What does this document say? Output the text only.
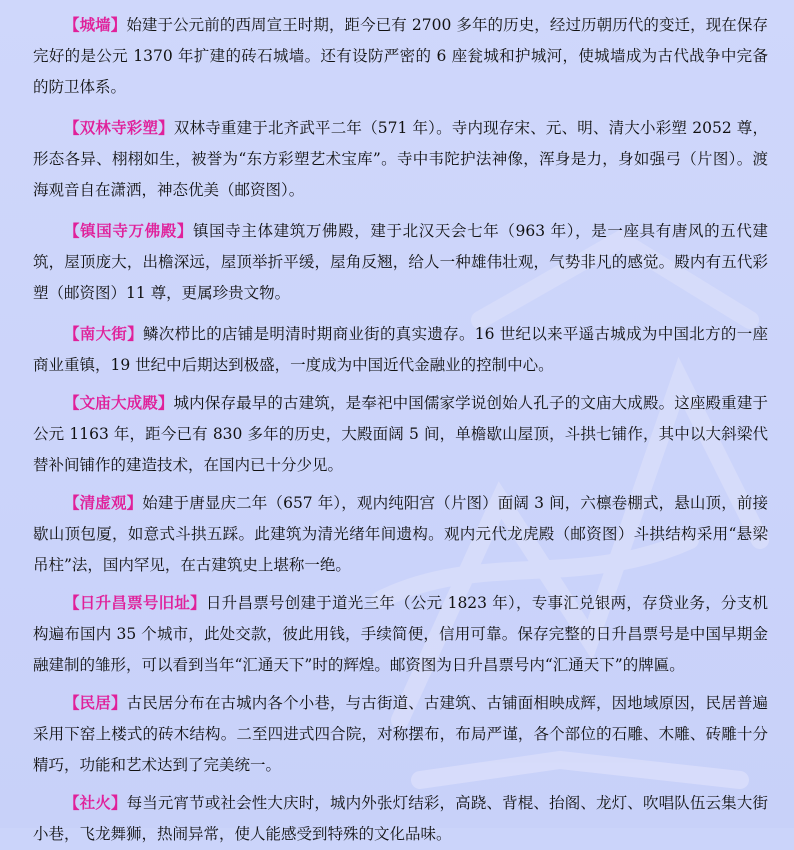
【城墙】始建于公元前的西周宣王时期，距今已有 2700 多年的历史，经过历朝历代的变迁，现在保存完好的是公元 1370 年扩建的砖石城墙。还有设防严密的 6 座瓮城和护城河，使城墙成为古代战争中完备的防卫体系。

【双林寺彩塑】双林寺重建于北齐武平二年（571 年）。寺内现存宋、元、明、清大小彩塑 2052 尊，形态各异、栩栩如生，被誉为“东方彩塑艺术宝库”。寺中韦陀护法神像，浑身是力，身如强弓（片图）。渡海观音自在潇洒，神态优美（邮资图）。

【镇国寺万佛殿】镇国寺主体建筑万佛殿，建于北汉天会七年（963 年），是一座具有唐风的五代建筑，屋顶庞大，出檐深远，屋顶举折平缓，屋角反翘，给人一种雄伟壮观，气势非凡的感觉。殿内有五代彩塑（邮资图）11 尊，更属珍贵文物。

【南大街】鳞次栉比的店铺是明清时期商业街的真实遗存。16 世纪以来平遥古城成为中国北方的一座商业重镇，19 世纪中后期达到极盛，一度成为中国近代金融业的控制中心。

【文庙大成殿】城内保存最早的古建筑，是奉祀中国儒家学说创始人孔子的文庙大成殿。这座殿重建于公元 1163 年，距今已有 830 多年的历史，大殿面阔 5 间，单檐歇山屋顶，斗拱七铺作，其中以大斜梁代替补间铺作的建造技术，在国内已十分少见。

【清虚观】始建于唐显庆二年（657 年），观内纯阳宫（片图）面阔 3 间，六檩卷棚式，悬山顶，前接歇山顶包厦，如意式斗拱五踩。此建筑为清光绪年间遗构。观内元代龙虎殿（邮资图）斗拱结构采用“悬梁吊柱”法，国内罕见，在古建筑史上堪称一绝。

【日升昌票号旧址】日升昌票号创建于道光三年（公元 1823 年），专事汇兑银两，存贷业务，分支机构遍布国内 35 个城市，此处交款，彼此用钱，手续简便，信用可靠。保存完整的日升昌票号是中国早期金融建制的雏形，可以看到当年“汇通天下”时的辉煌。邮资图为日升昌票号内“汇通天下”的牌匾。

【民居】古民居分布在古城内各个小巷，与古街道、古建筑、古铺面相映成辉，因地域原因，民居普遍采用下窑上楼式的砖木结构。二至四进式四合院，对称摆布，布局严谨，各个部位的石雕、木雕、砖雕十分精巧，功能和艺术达到了完美统一。

【社火】每当元宵节或社会性大庆时，城内外张灯结彩，高跷、背棍、抬阁、龙灯、吹唱队伍云集大街小巷，飞龙舞狮，热闹异常，使人能感受到特殊的文化品味。
